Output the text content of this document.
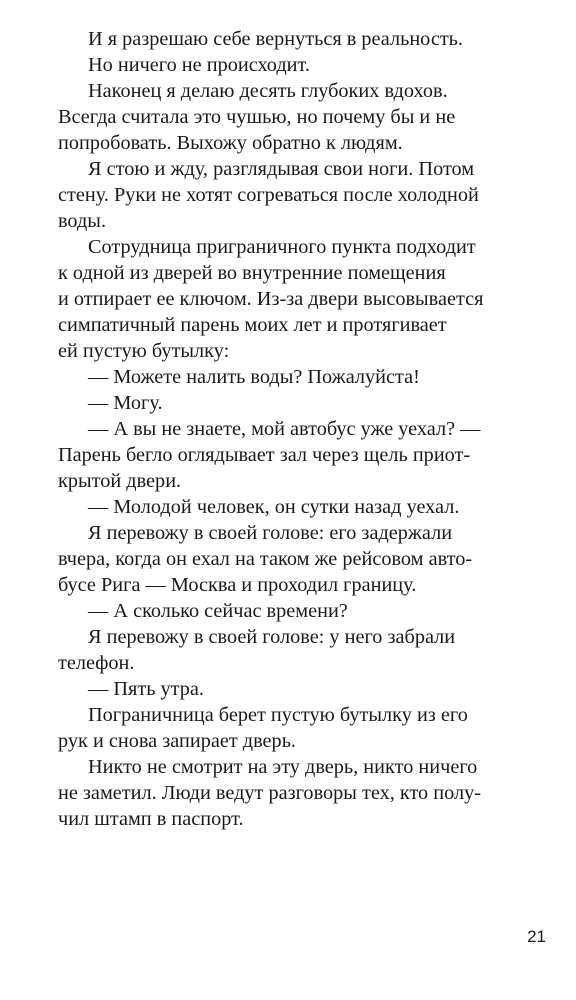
И я разрешаю себе вернуться в реальность.
Но ничего не происходит.
Наконец я делаю десять глубоких вдохов.
Всегда считала это чушью, но почему бы и не
попробовать. Выхожу обратно к людям.
Я стою и жду, разглядывая свои ноги. Потом
стену. Руки не хотят согреваться после холодной
воды.
Сотрудница приграничного пункта подходит
к одной из дверей во внутренние помещения
и отпирает ее ключом. Из-за двери высовывается
симпатичный парень моих лет и протягивает
ей пустую бутылку:
— Можете налить воды? Пожалуйста!
— Могу.
— А вы не знаете, мой автобус уже уехал? —
Парень бегло оглядывает зал через щель приот-
крытой двери.
— Молодой человек, он сутки назад уехал.
Я перевожу в своей голове: его задержали
вчера, когда он ехал на таком же рейсовом авто-
бусе Рига — Москва и проходил границу.
— А сколько сейчас времени?
Я перевожу в своей голове: у него забрали
телефон.
— Пять утра.
Пограничница берет пустую бутылку из его
рук и снова запирает дверь.
Никто не смотрит на эту дверь, никто ничего
не заметил. Люди ведут разговоры тех, кто полу-
чил штамп в паспорт.
21
